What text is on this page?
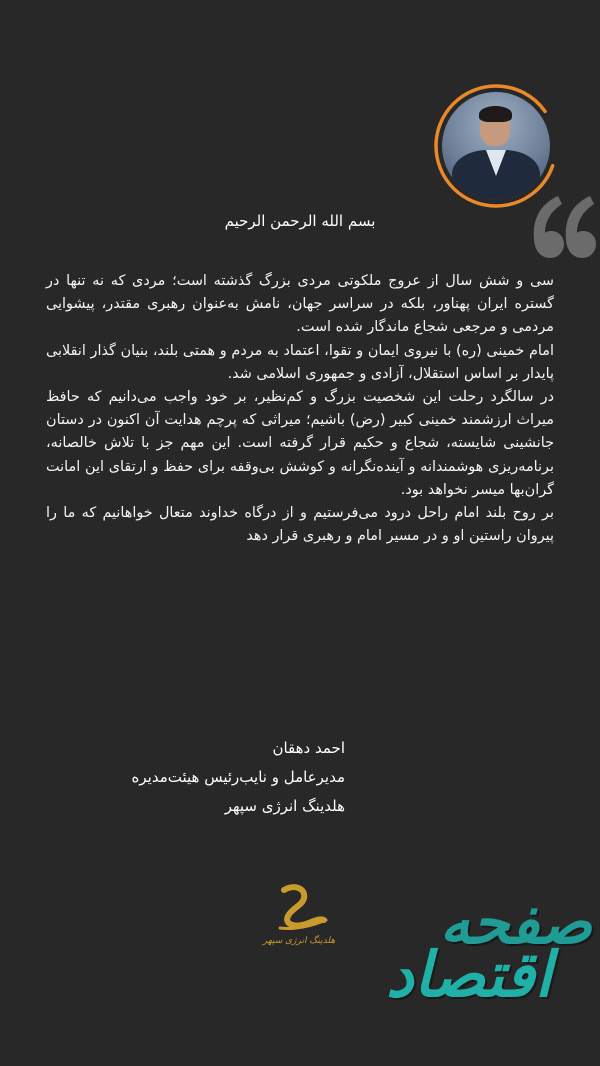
بسم الله الرحمن الرحیم

سی و شش سال از عروج ملکوتی مردی بزرگ گذشته است؛ مردی که نه تنها در گستره ایران پهناور، بلکه در سراسر جهان، نامش به‌عنوان رهبری مقتدر، پیشوایی مردمی و مرجعی شجاع ماندگار شده است.

امام خمینی (ره) با نیروی ایمان و تقوا، اعتماد به مردم و همتی بلند، بنیان گذار انقلابی پایدار بر اساس استقلال، آزادی و جمهوری اسلامی شد.

در سالگرد رحلت این شخصیت بزرگ و کم‌نظیر، بر خود واجب می‌دانیم که حافظ میراث ارزشمند خمینی کبیر (رض) باشیم؛ میراثی که پرچم هدایت آن اکنون در دستان جانشینی شایسته، شجاع و حکیم قرار گرفته است. این مهم جز با تلاش خالصانه، برنامه‌ریزی هوشمندانه و آینده‌نگرانه و کوشش بی‌وقفه برای حفظ و ارتقای این امانت گران‌بها میسر نخواهد بود.

بر روح بلند امام راحل درود می‌فرستیم و از درگاه خداوند متعال خواهانیم که ما را پیروان راستین او و در مسیر امام و رهبری قرار دهد

احمد دهقان
مدیرعامل و نایب‌رئیس هیئت‌مدیره
هلدینگ انرژی سپهر
هلدینگ انرژی سپهر صفحه
اقتصاد
